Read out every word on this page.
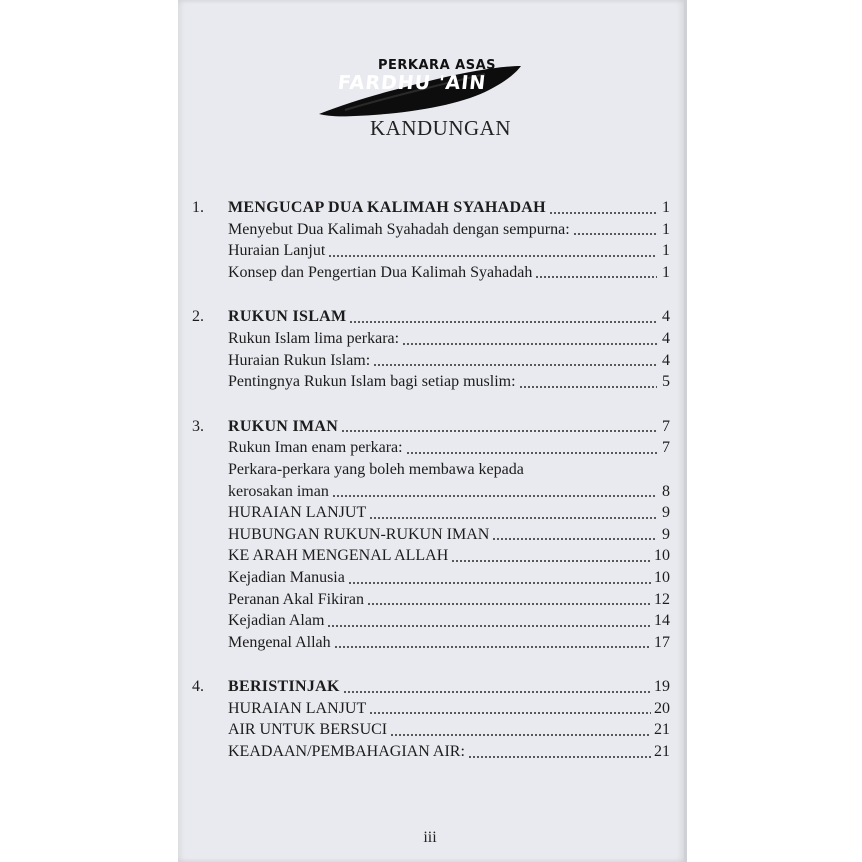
PERKARA ASAS
FARDHU 'AIN
KANDUNGAN
1.	MENGUCAP DUA KALIMAH SYAHADAH	1
Menyebut Dua Kalimah Syahadah dengan sempurna:	1
Huraian Lanjut	1
Konsep dan Pengertian Dua Kalimah Syahadah	1
2.	RUKUN ISLAM	4
Rukun Islam lima perkara:	4
Huraian Rukun Islam:	4
Pentingnya Rukun Islam bagi setiap muslim:	5
3.	RUKUN IMAN	7
Rukun Iman enam perkara:	7
Perkara-perkara yang boleh membawa kepada
kerosakan iman	8
HURAIAN LANJUT	9
HUBUNGAN RUKUN-RUKUN IMAN	9
KE ARAH MENGENAL ALLAH	10
Kejadian Manusia	10
Peranan Akal Fikiran	12
Kejadian Alam	14
Mengenal Allah	17
4.	BERISTINJAK	19
HURAIAN LANJUT	20
AIR UNTUK BERSUCI	21
KEADAAN/PEMBAHAGIAN AIR:	21
iii
